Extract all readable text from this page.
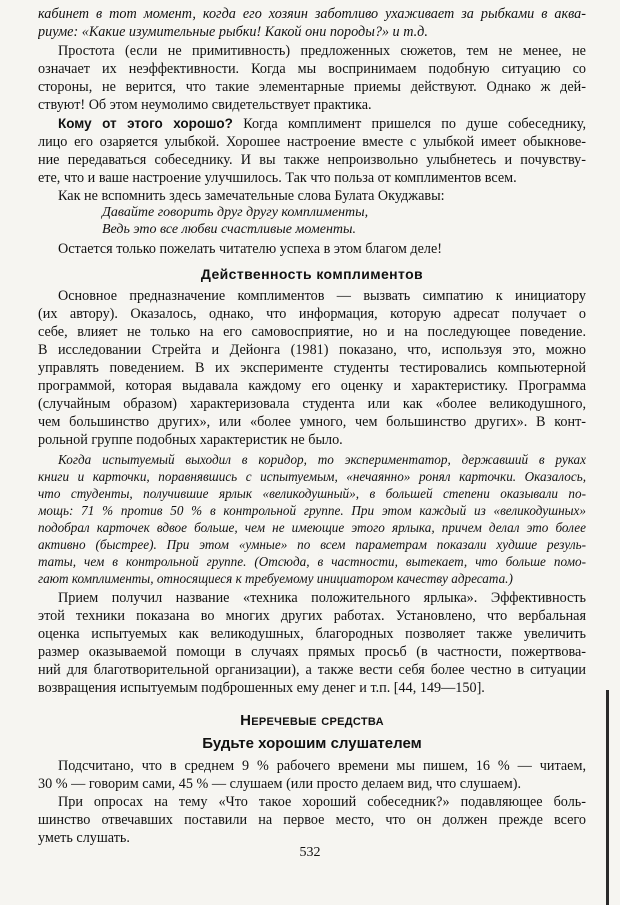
кабинет в тот момент, когда его хозяин заботливо ухаживает за рыбками в аква-
риуме: «Какие изумительные рыбки! Какой они породы?» и т.д.
Простота (если не примитивность) предложенных сюжетов, тем не менее, не
означает их неэффективности. Когда мы воспринимаем подобную ситуацию со
стороны, не верится, что такие элементарные приемы действуют. Однако ж дей-
ствуют! Об этом неумолимо свидетельствует практика.
Кому от этого хорошо? Когда комплимент пришелся по душе собеседнику,
лицо его озаряется улыбкой. Хорошее настроение вместе с улыбкой имеет обыкнове-
ние передаваться собеседнику. И вы также непроизвольно улыбнетесь и почувству-
ете, что и ваше настроение улучшилось. Так что польза от комплиментов всем.
Как не вспомнить здесь замечательные слова Булата Окуджавы:
Давайте говорить друг другу комплименты,
Ведь это все любви счастливые моменты.
Остается только пожелать читателю успеха в этом благом деле!
Действенность комплиментов
Основное предназначение комплиментов — вызвать симпатию к инициатору
(их автору). Оказалось, однако, что информация, которую адресат получает о
себе, влияет не только на его самовосприятие, но и на последующее поведение.
В исследовании Стрейта и Дейонга (1981) показано, что, используя это, можно
управлять поведением. В их эксперименте студенты тестировались компьютерной
программой, которая выдавала каждому его оценку и характеристику. Программа
(случайным образом) характеризовала студента или как «более великодушного,
чем большинство других», или «более умного, чем большинство других». В конт-
рольной группе подобных характеристик не было.
Когда испытуемый выходил в коридор, то экспериментатор, державший в руках
книги и карточки, поравнявшись с испытуемым, «нечаянно» ронял карточки. Оказалось,
что студенты, получившие ярлык «великодушный», в большей степени оказывали по-
мощь: 71 % против 50 % в контрольной группе. При этом каждый из «великодушных»
подобрал карточек вдвое больше, чем не имеющие этого ярлыка, причем делал это более
активно (быстрее). При этом «умные» по всем параметрам показали худшие резуль-
таты, чем в контрольной группе. (Отсюда, в частности, вытекает, что больше помо-
гают комплименты, относящиеся к требуемому инициатором качеству адресата.)
Прием получил название «техника положительного ярлыка». Эффективность
этой техники показана во многих других работах. Установлено, что вербальная
оценка испытуемых как великодушных, благородных позволяет также увеличить
размер оказываемой помощи в случаях прямых просьб (в частности, пожертвова-
ний для благотворительной организации), а также вести себя более честно в ситуации
возвращения испытуемым подброшенных ему денег и т.п. [44, 149—150].
Неречевые средства
Будьте хорошим слушателем
Подсчитано, что в среднем 9 % рабочего времени мы пишем, 16 % — читаем,
30 % — говорим сами, 45 % — слушаем (или просто делаем вид, что слушаем).
При опросах на тему «Что такое хороший собеседник?» подавляющее боль-
шинство отвечавших поставили на первое место, что он должен прежде всего
уметь слушать.
532
